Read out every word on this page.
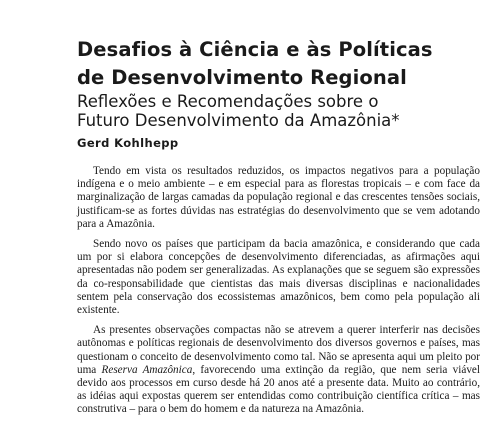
Desafios à Ciência e às Políticas
de Desenvolvimento Regional
Reflexões e Recomendações sobre o
Futuro Desenvolvimento da Amazônia*
Gerd Kohlhepp

Tendo em vista os resultados reduzidos, os impactos negativos para a população indígena e o meio ambiente – e em especial para as florestas tropicais – e com face da marginalização de largas camadas da população regional e das crescentes tensões sociais, justificam-se as fortes dúvidas nas estratégias do desenvolvimento que se vem adotando para a Amazônia.

Sendo novo os países que participam da bacia amazônica, e considerando que cada um por si elabora concepções de desenvolvimento diferenciadas, as afirmações aqui apresentadas não podem ser generalizadas. As explanações que se seguem são expressões da co-responsabilidade que cientistas das mais diversas disciplinas e nacionalidades sentem pela conservação dos ecossistemas amazônicos, bem como pela população ali existente.

As presentes observações compactas não se atrevem a querer interferir nas decisões autônomas e políticas regionais de desenvolvimento dos diversos governos e países, mas questionam o conceito de desenvolvimento como tal. Não se apresenta aqui um pleito por uma Reserva Amazônica, favorecendo uma extinção da região, que nem seria viável devido aos processos em curso desde há 20 anos até a presente data. Muito ao contrário, as idéias aqui expostas querem ser entendidas como contribuição científica crítica – mas construtiva – para o bem do homem e da natureza na Amazônia.
